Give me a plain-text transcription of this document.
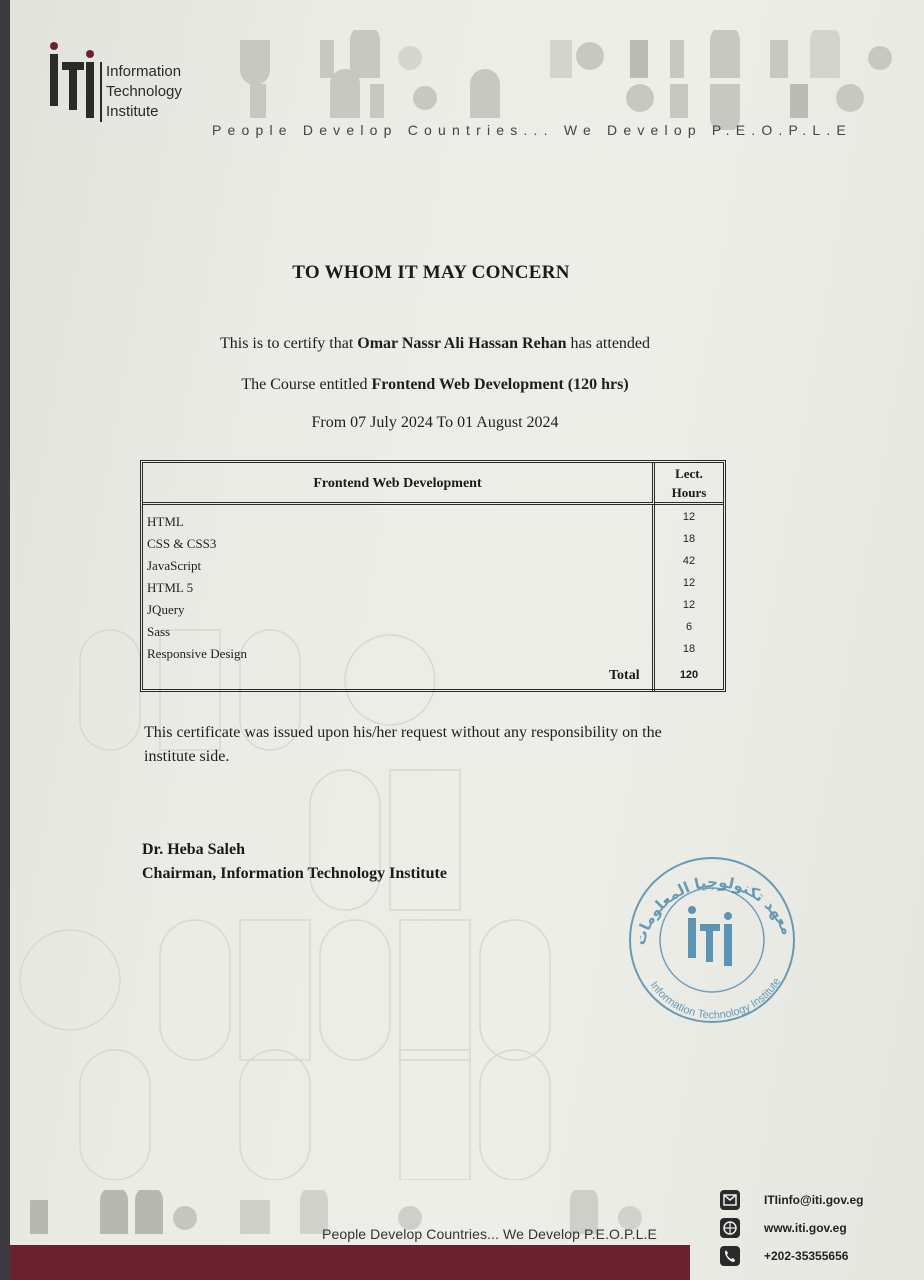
Information
Technology
Institute
People Develop Countries... We Develop P.E.O.P.L.E
TO WHOM IT MAY CONCERN
This is to certify that Omar Nassr Ali Hassan Rehan has attended
The Course entitled Frontend Web Development (120 hrs)
From 07 July 2024 To 01 August 2024
Frontend Web Development
Lect.
Hours
HTML	12
CSS & CSS3	18
JavaScript	42
HTML 5	12
JQuery	12
Sass	6
Responsive Design	18
Total	120
This certificate was issued upon his/her request without any responsibility on the institute side.
Dr. Heba Saleh
Chairman, Information Technology Institute
معهد تكنولوجيا المعلومات
Information Technology Institute
People Develop Countries... We Develop P.E.O.P.L.E
ITIinfo@iti.gov.eg
www.iti.gov.eg
+202-35355656
